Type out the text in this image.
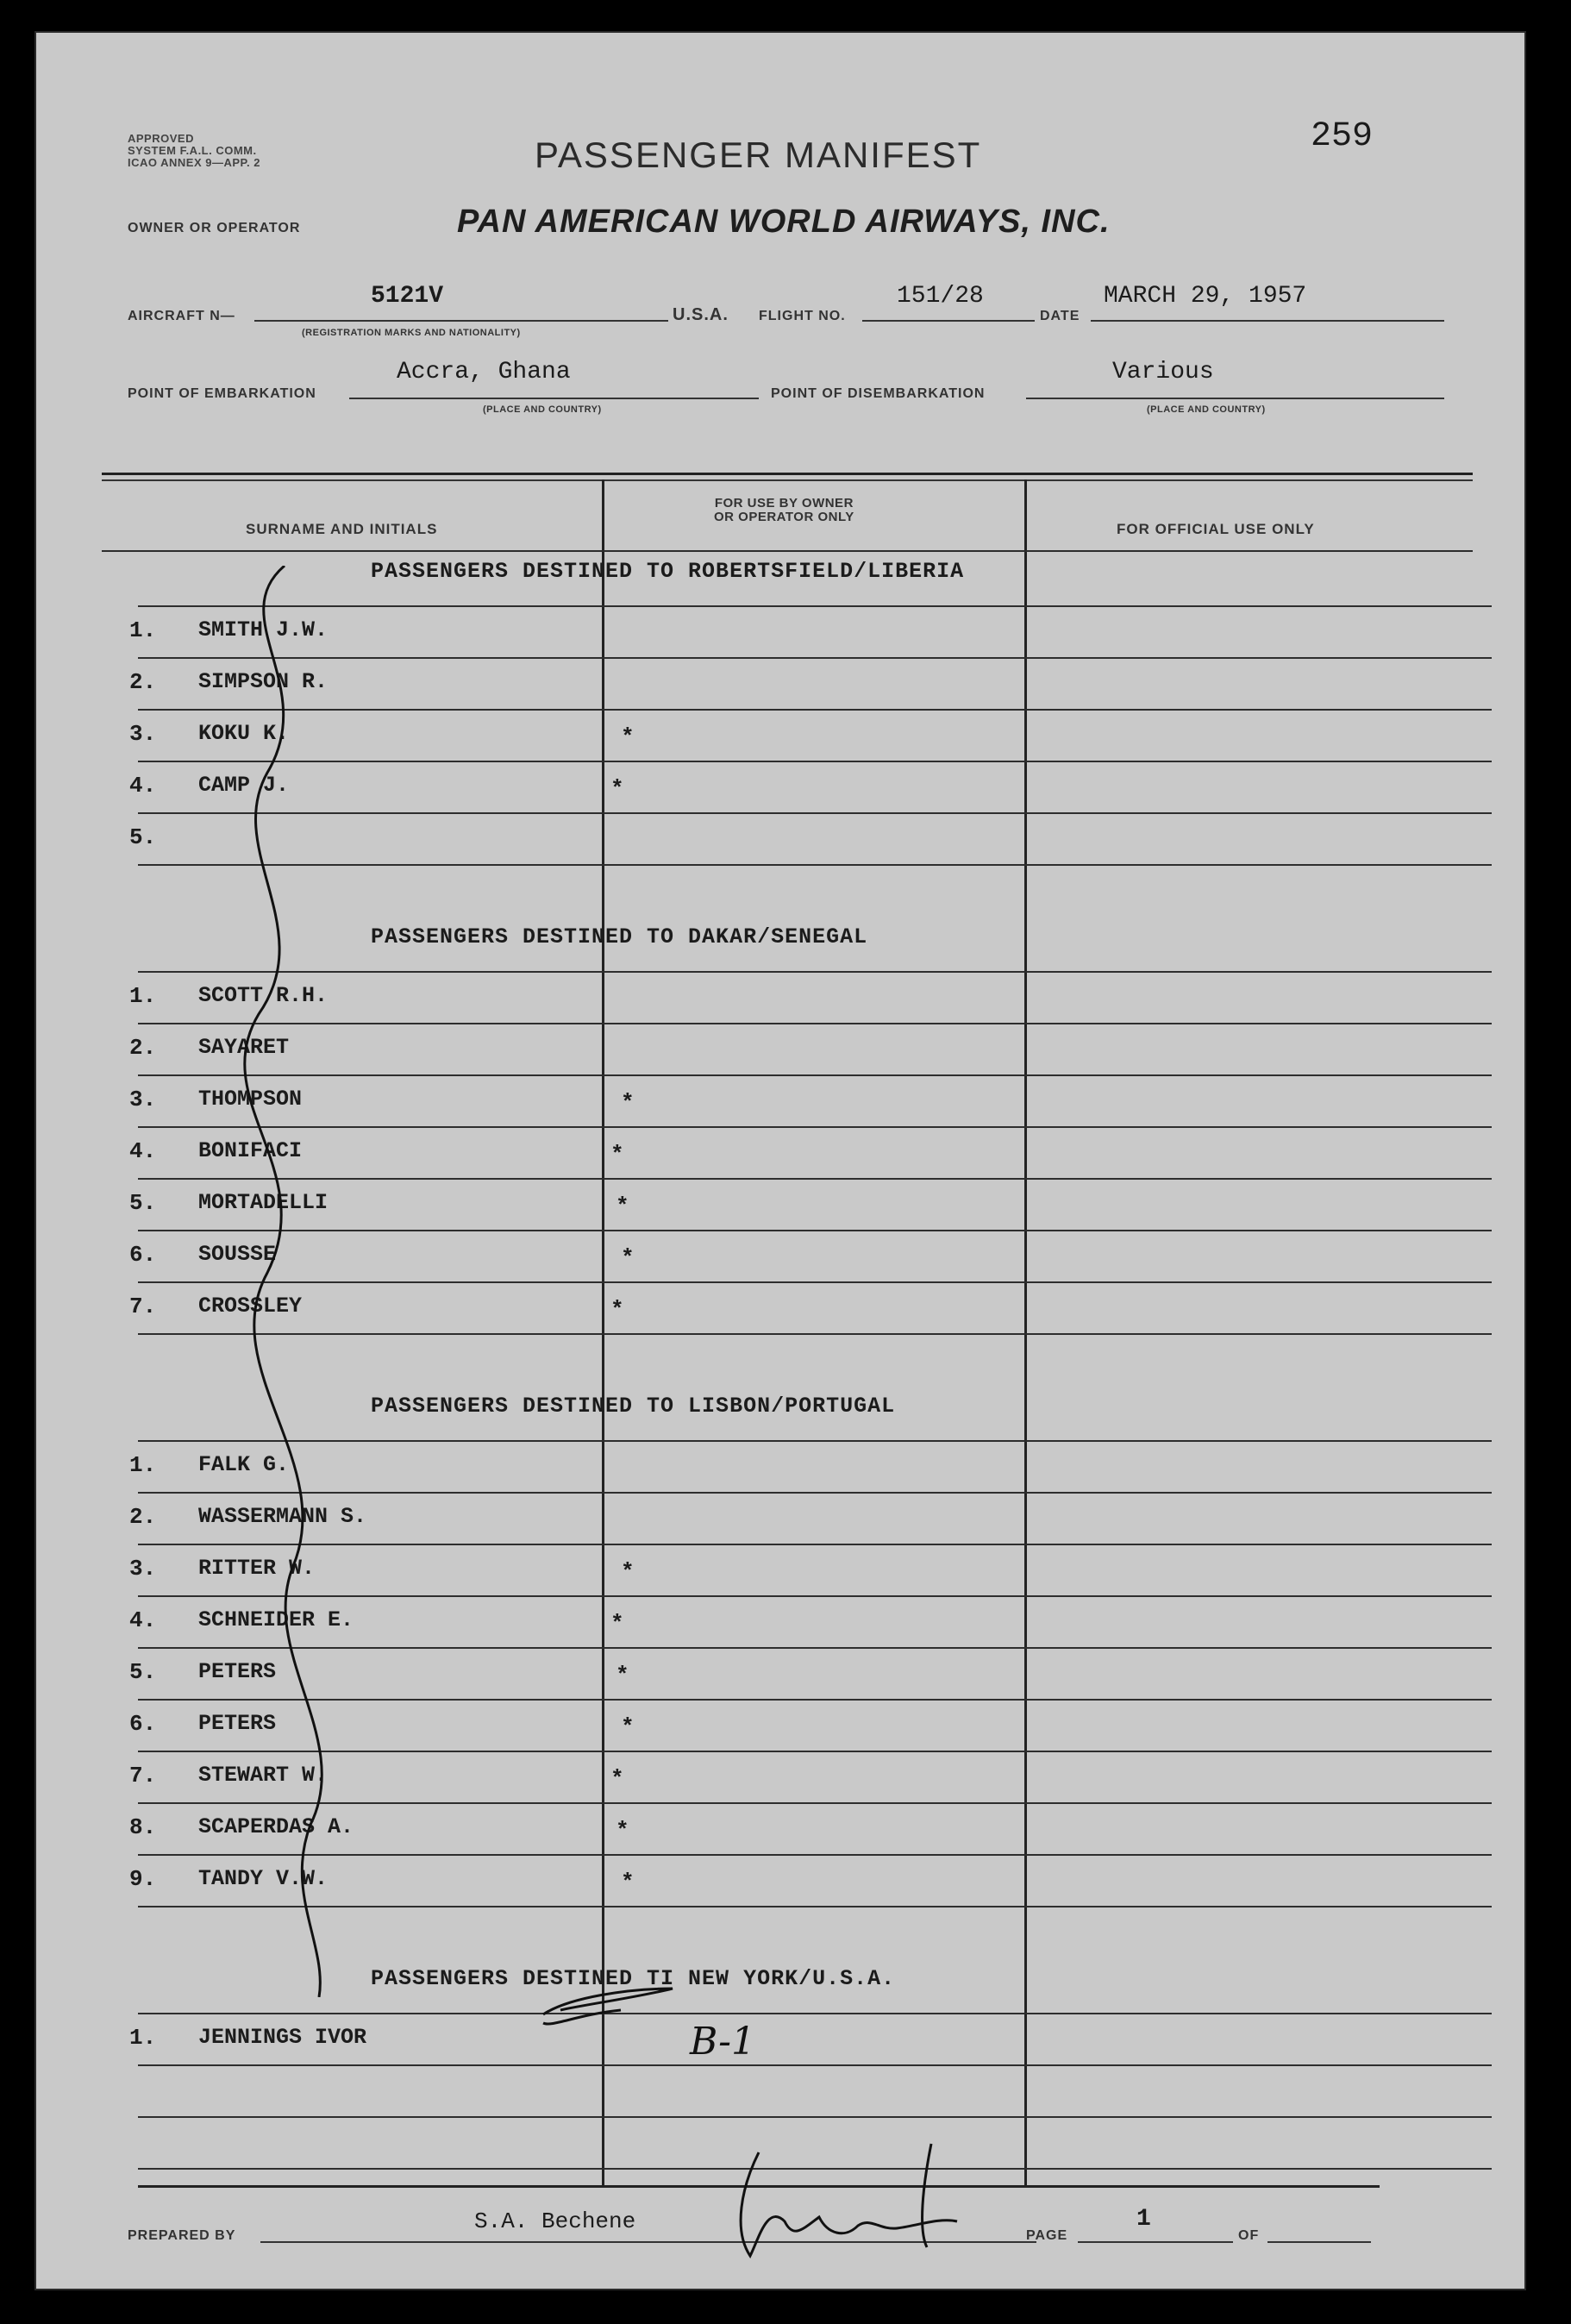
APPROVED
SYSTEM F.A.L. COMM.
ICAO ANNEX 9—APP. 2	PASSENGER MANIFEST	259
OWNER OR OPERATOR	PAN AMERICAN WORLD AIRWAYS, INC.
AIRCRAFT N—
5121V
(REGISTRATION MARKS AND NATIONALITY)
U.S.A. FLIGHT NO.
151/28
DATE
MARCH 29, 1957
POINT OF EMBARKATION
Accra, Ghana
(PLACE AND COUNTRY)
POINT OF DISEMBARKATION
Various
(PLACE AND COUNTRY)
SURNAME AND INITIALS
FOR USE BY OWNER
OR OPERATOR ONLY
FOR OFFICIAL USE ONLY
PASSENGERS DESTINED TO ROBERTSFIELD/LIBERIA
1. SMITH J.W.
2. SIMPSON R.
3. KOKU K.	*
4. CAMP J.	*
5.
PASSENGERS DESTINED TO DAKAR/SENEGAL
1. SCOTT R.H.
2. SAYARET
3. THOMPSON	*
4. BONIFACI	*
5. MORTADELLI	*
6. SOUSSE	*
7. CROSSLEY	*
PASSENGERS DESTINED TO LISBON/PORTUGAL
1. FALK G.
2. WASSERMANN S.
3. RITTER W.	*
4. SCHNEIDER E.	*
5. PETERS	*
6. PETERS	*
7. STEWART W.	*
8. SCAPERDAS A.	*
9. TANDY V.W.	*
PASSENGERS DESTINED TI NEW YORK/U.S.A.
1. JENNINGS IVOR	B-1
PREPARED BY
S.A. Bechene
PAGE
1
OF
